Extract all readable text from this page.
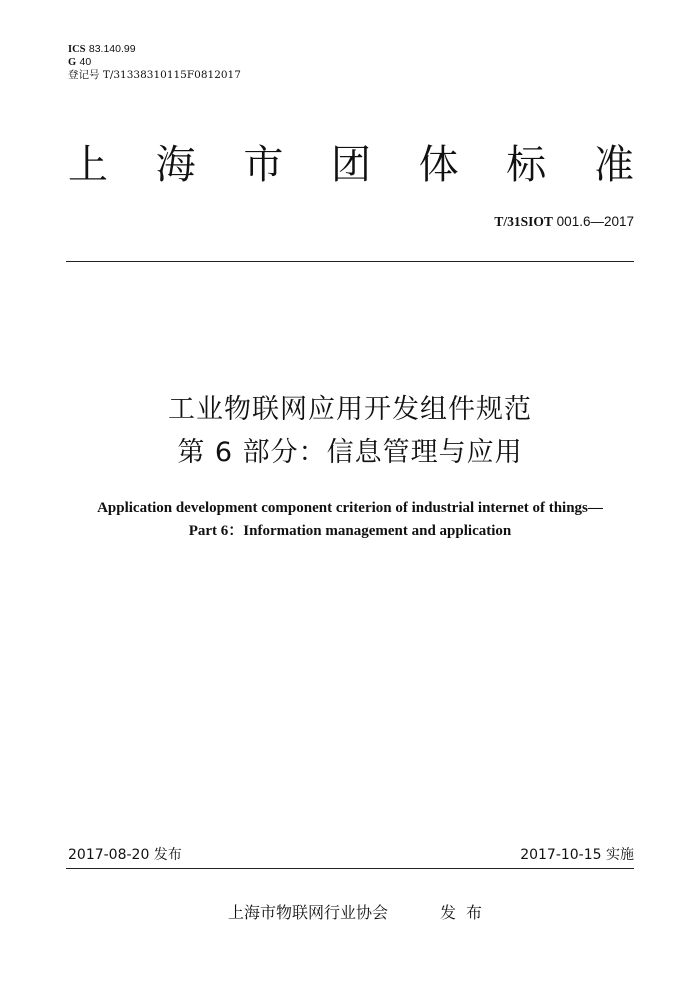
ICS 83.140.99
G 40
登记号 T/31338310115F0812017
上 海 市 团 体 标 准
T/31SIOT 001.6—2017
工业物联网应用开发组件规范
第 6 部分：信息管理与应用
Application development component criterion of industrial internet of things—
Part 6：Information management and application
2017-08-20 发布	2017-10-15 实施
上海市物联网行业协会	发布
